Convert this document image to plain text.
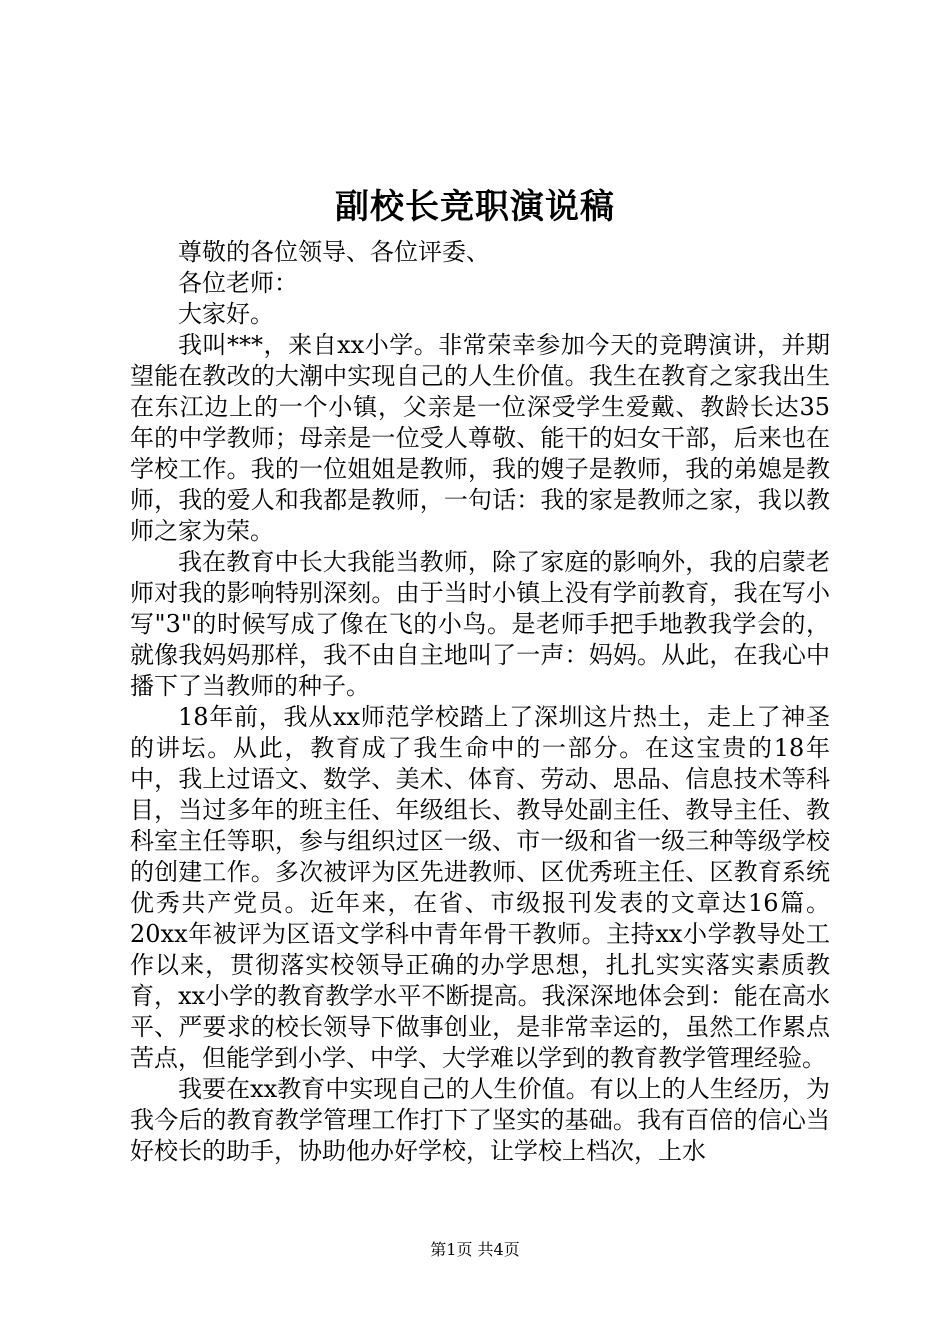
副校长竞职演说稿

尊敬的各位领导、各位评委、

各位老师：

大家好。

我叫***，来自xx小学。非常荣幸参加今天的竞聘演讲，并期望能在教改的大潮中实现自己的人生价值。我生在教育之家我出生在东江边上的一个小镇，父亲是一位深受学生爱戴、教龄长达35年的中学教师；母亲是一位受人尊敬、能干的妇女干部，后来也在学校工作。我的一位姐姐是教师，我的嫂子是教师，我的弟媳是教师，我的爱人和我都是教师，一句话：我的家是教师之家，我以教师之家为荣。

我在教育中长大我能当教师，除了家庭的影响外，我的启蒙老师对我的影响特别深刻。由于当时小镇上没有学前教育，我在写小写"3"的时候写成了像在飞的小鸟。是老师手把手地教我学会的，就像我妈妈那样，我不由自主地叫了一声：妈妈。从此，在我心中播下了当教师的种子。

18年前，我从xx师范学校踏上了深圳这片热土，走上了神圣的讲坛。从此，教育成了我生命中的一部分。在这宝贵的18年中，我上过语文、数学、美术、体育、劳动、思品、信息技术等科目，当过多年的班主任、年级组长、教导处副主任、教导主任、教科室主任等职，参与组织过区一级、市一级和省一级三种等级学校的创建工作。多次被评为区先进教师、区优秀班主任、区教育系统优秀共产党员。近年来，在省、市级报刊发表的文章达16篇。20xx年被评为区语文学科中青年骨干教师。主持xx小学教导处工作以来，贯彻落实校领导正确的办学思想，扎扎实实落实素质教育，xx小学的教育教学水平不断提高。我深深地体会到：能在高水平、严要求的校长领导下做事创业，是非常幸运的，虽然工作累点苦点，但能学到小学、中学、大学难以学到的教育教学管理经验。

我要在xx教育中实现自己的人生价值。有以上的人生经历，为我今后的教育教学管理工作打下了坚实的基础。我有百倍的信心当好校长的助手，协助他办好学校，让学校上档次，上水

第1页 共4页
